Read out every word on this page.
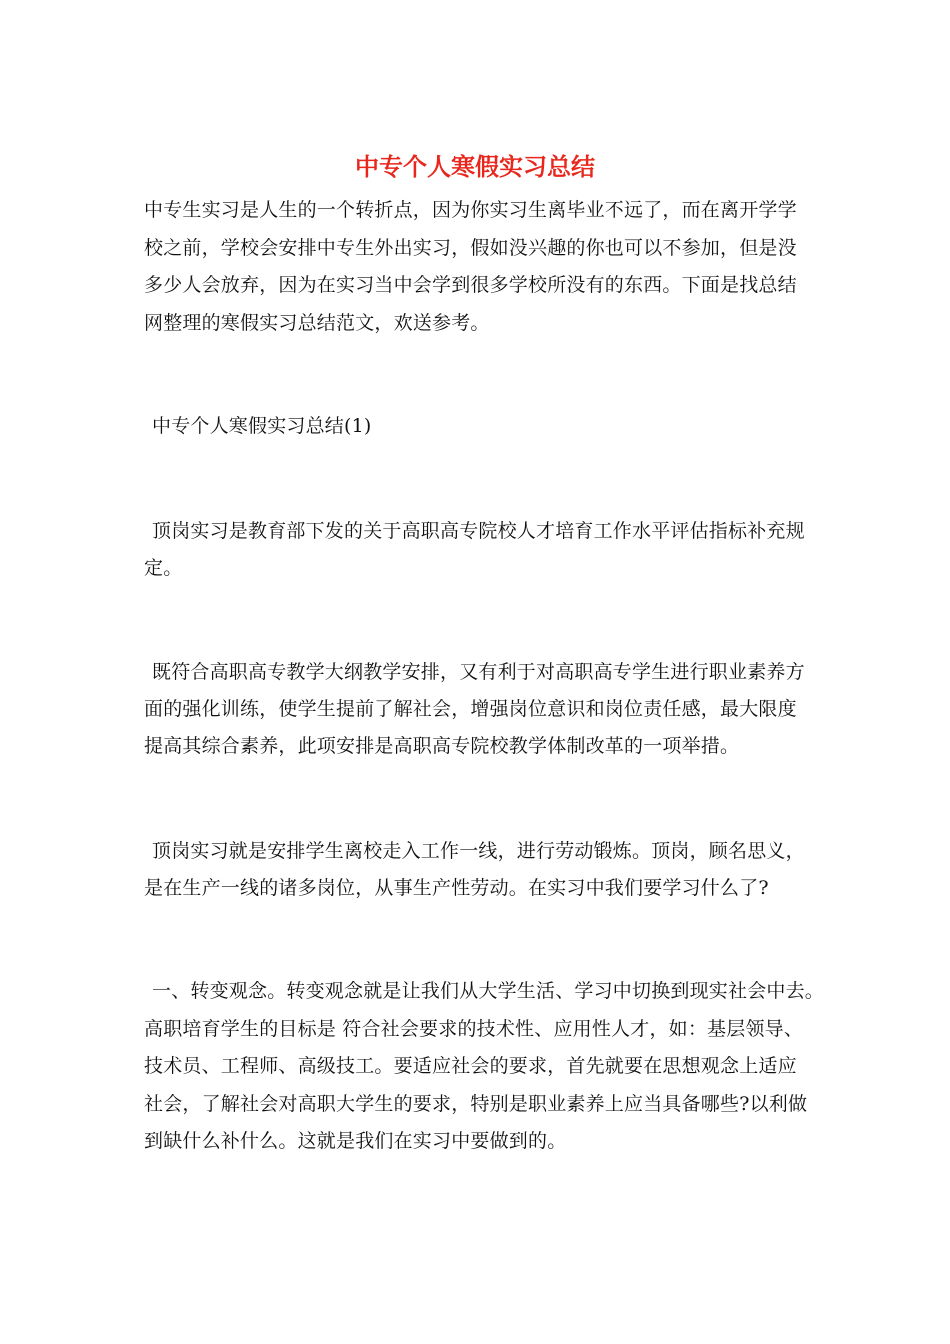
中专个人寒假实习总结
中专生实习是人生的一个转折点，因为你实习生离毕业不远了，而在离开学学
校之前，学校会安排中专生外出实习，假如没兴趣的你也可以不参加，但是没
多少人会放弃，因为在实习当中会学到很多学校所没有的东西。下面是找总结
网整理的寒假实习总结范文，欢送参考。
中专个人寒假实习总结(1)
顶岗实习是教育部下发的关于高职高专院校人才培育工作水平评估指标补充规
定。
既符合高职高专教学大纲教学安排，又有利于对高职高专学生进行职业素养方
面的强化训练，使学生提前了解社会，增强岗位意识和岗位责任感，最大限度
提高其综合素养，此项安排是高职高专院校教学体制改革的一项举措。
顶岗实习就是安排学生离校走入工作一线，进行劳动锻炼。顶岗，顾名思义，
是在生产一线的诸多岗位，从事生产性劳动。在实习中我们要学习什么了?
一、转变观念。转变观念就是让我们从大学生活、学习中切换到现实社会中去。
高职培育学生的目标是 符合社会要求的技术性、应用性人才，如：基层领导、
技术员、工程师、高级技工。要适应社会的要求，首先就要在思想观念上适应
社会，了解社会对高职大学生的要求，特别是职业素养上应当具备哪些?以利做
到缺什么补什么。这就是我们在实习中要做到的。
